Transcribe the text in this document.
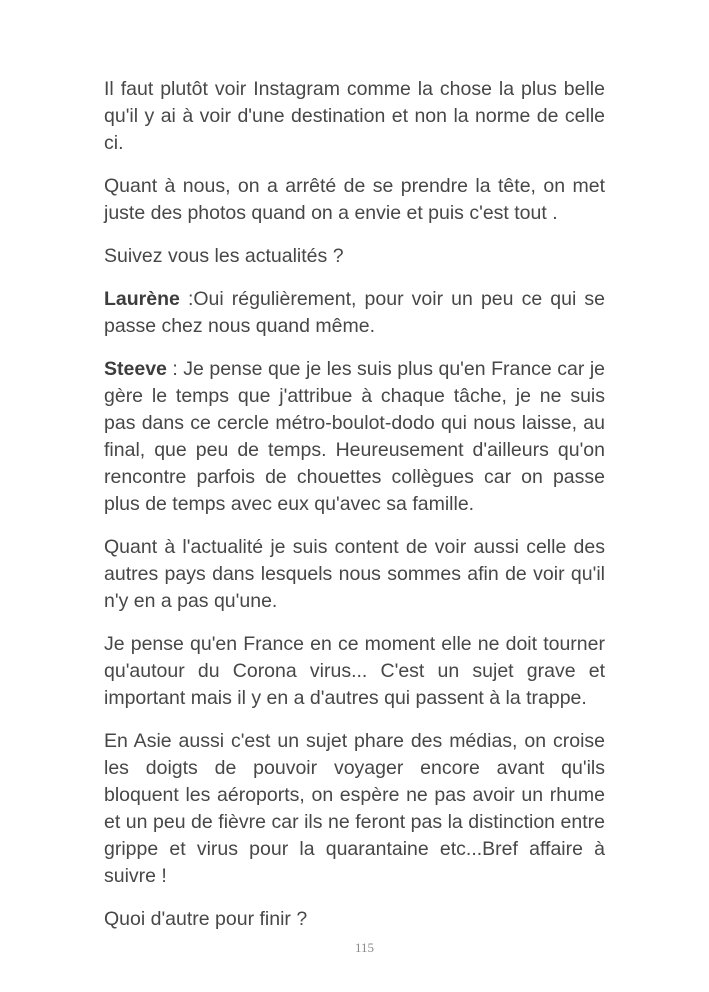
Il faut plutôt voir Instagram comme la chose la plus belle qu'il y ai à voir d'une destination et non la norme de celle ci.

Quant à nous, on a arrêté de se prendre la tête, on met juste des photos quand on a envie et puis c'est tout .

Suivez vous les actualités ?

Laurène :Oui régulièrement, pour voir un peu ce qui se passe chez nous quand même.

Steeve : Je pense que je les suis plus qu'en France car je gère le temps que j'attribue à chaque tâche, je ne suis pas dans ce cercle métro-boulot-dodo qui nous laisse, au final, que peu de temps. Heureusement d'ailleurs qu'on rencontre parfois de chouettes collègues car on passe plus de temps avec eux qu'avec sa famille.

Quant à l'actualité je suis content de voir aussi celle des autres pays dans lesquels nous sommes afin de voir qu'il n'y en a pas qu'une.

Je pense qu'en France en ce moment elle ne doit tourner qu'autour du Corona virus... C'est un sujet grave et important mais il y en a d'autres qui passent à la trappe.

En Asie aussi c'est un sujet phare des médias, on croise les doigts de pouvoir voyager encore avant qu'ils bloquent les aéroports, on espère ne pas avoir un rhume et un peu de fièvre car ils ne feront pas la distinction entre grippe et virus pour la quarantaine etc...Bref affaire à suivre !

Quoi d'autre pour finir ?

115
